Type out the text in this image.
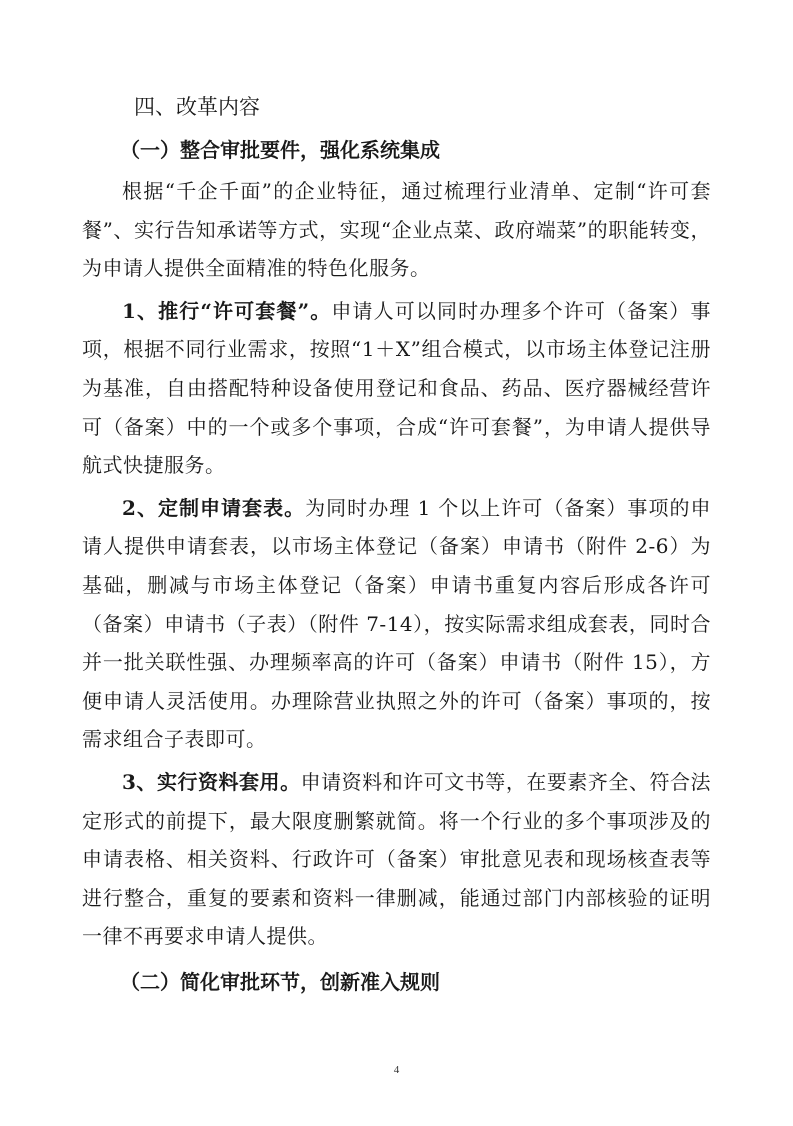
四、改革内容
（一）整合审批要件，强化系统集成

根据“千企千面”的企业特征，通过梳理行业清单、定制“许可套餐”、实行告知承诺等方式，实现“企业点菜、政府端菜”的职能转变，为申请人提供全面精准的特色化服务。

1、推行“许可套餐”。申请人可以同时办理多个许可（备案）事项，根据不同行业需求，按照“1＋X”组合模式，以市场主体登记注册为基准，自由搭配特种设备使用登记和食品、药品、医疗器械经营许可（备案）中的一个或多个事项，合成“许可套餐”，为申请人提供导航式快捷服务。

2、定制申请套表。为同时办理 1 个以上许可（备案）事项的申请人提供申请套表，以市场主体登记（备案）申请书（附件 2-6）为基础，删减与市场主体登记（备案）申请书重复内容后形成各许可（备案）申请书（子表）（附件 7-14），按实际需求组成套表，同时合并一批关联性强、办理频率高的许可（备案）申请书（附件 15），方便申请人灵活使用。办理除营业执照之外的许可（备案）事项的，按需求组合子表即可。

3、实行资料套用。申请资料和许可文书等，在要素齐全、符合法定形式的前提下，最大限度删繁就简。将一个行业的多个事项涉及的申请表格、相关资料、行政许可（备案）审批意见表和现场核查表等进行整合，重复的要素和资料一律删减，能通过部门内部核验的证明一律不再要求申请人提供。

（二）简化审批环节，创新准入规则
4
